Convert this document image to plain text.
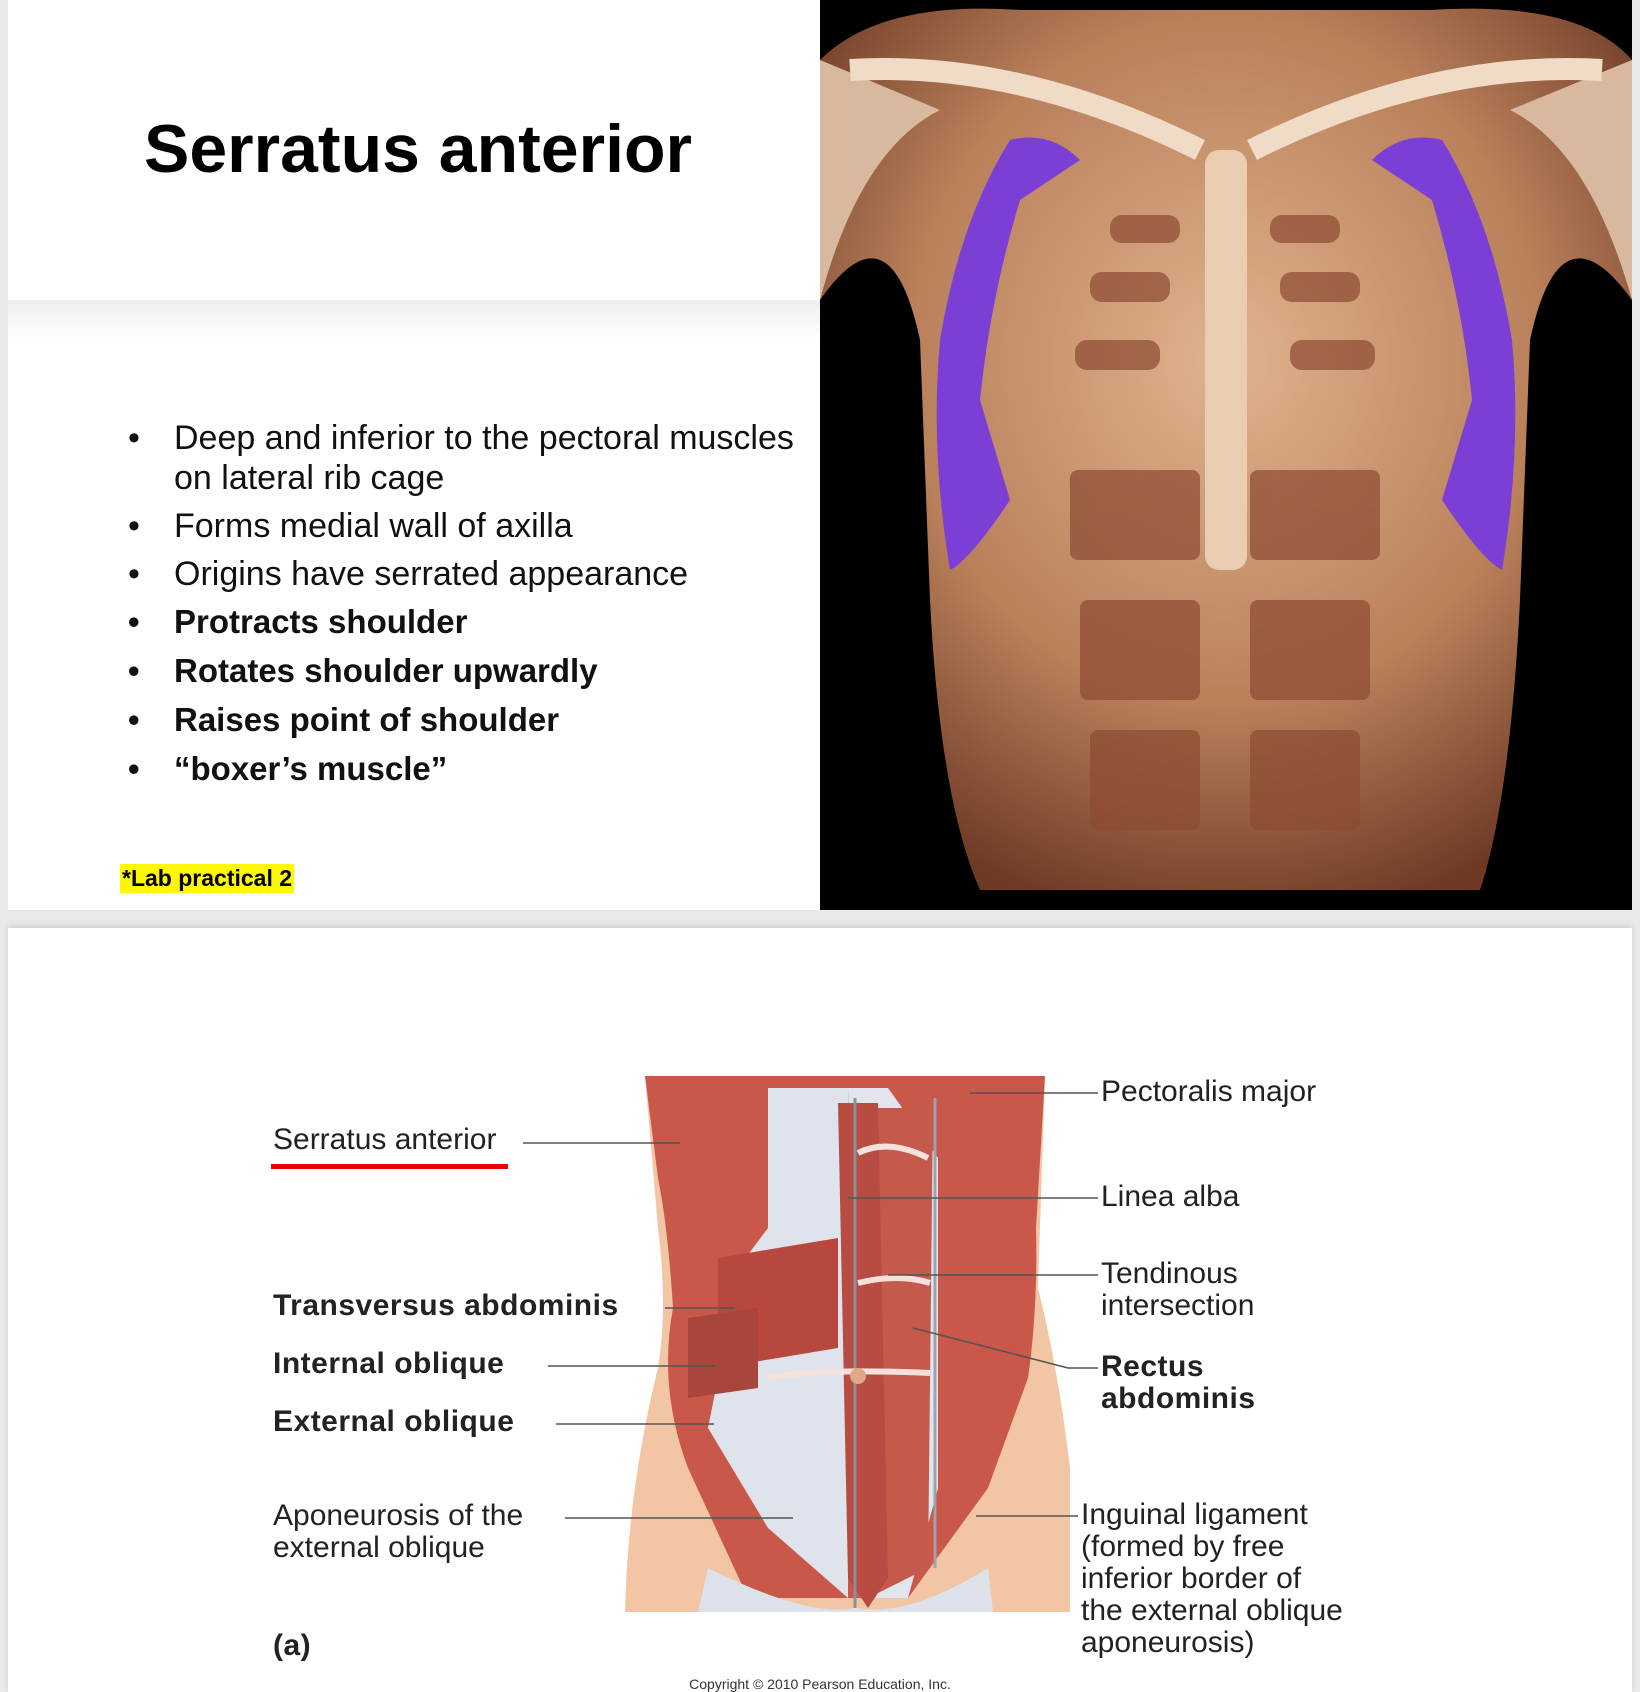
Serratus anterior
• Deep and inferior to the pectoral muscles on lateral rib cage
• Forms medial wall of axilla
• Origins have serrated appearance
• Protracts shoulder
• Rotates shoulder upwardly
• Raises point of shoulder
• “boxer’s muscle”
*Lab practical 2
Serratus anterior
Transversus abdominis
Internal oblique
External oblique
Aponeurosis of the
external oblique
(a)
Pectoralis major
Linea alba
Tendinous
intersection
Rectus
abdominis
Inguinal ligament
(formed by free
inferior border of
the external oblique
aponeurosis)
Copyright © 2010 Pearson Education, Inc.
